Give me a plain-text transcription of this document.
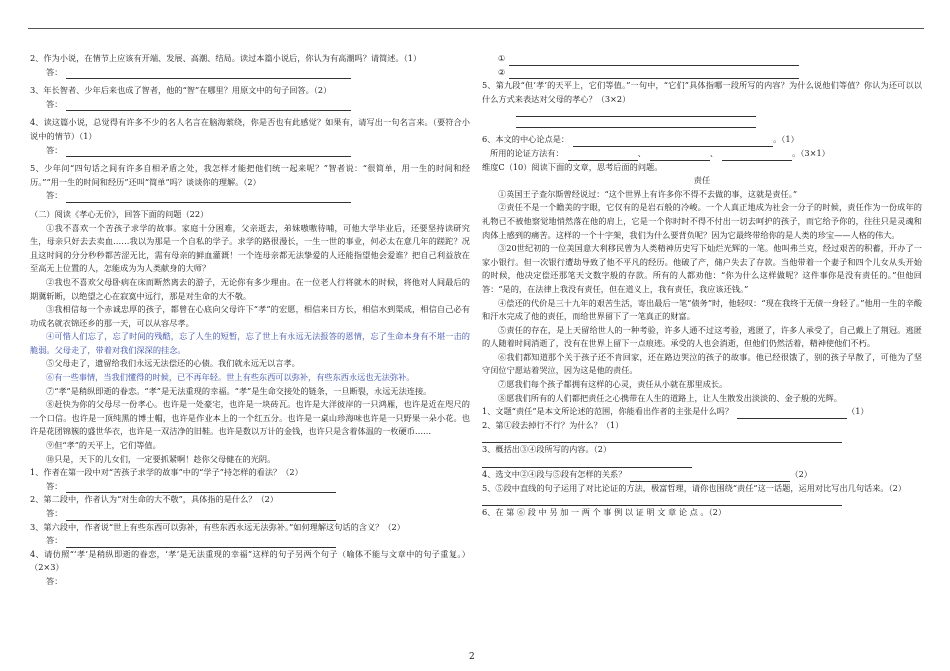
2、作为小说，在情节上应该有开端、发展、高潮、结局。读过本篇小说后，你认为有高潮吗？请简述。（1）

答：

3、年长智者、少年后来也成了智者，他的“智”在哪里？用原文中的句子回答。（2）

答：

4、读这篇小说，总觉得有许多不少的名人名言在脑海萦绕，你是否也有此感觉？如果有，请写出一句名言来。（要符合小说中的情节）（1）

答：

5、少年问“四句话之间有许多自相矛盾之处，我怎样才能把他们统一起来呢？”智者说：“很简单，用一生的时间和经历。”“用一生的时间和经历”还叫“简单”吗？谈谈你的理解。（2）

答：

（二）阅读《孝心无价》，回答下面的问题（22）

①我不喜欢一个苦孩子求学的故事。家庭十分困难，父亲逝去，弟妹嗷嗷待哺，可他大学毕业后，还要坚持读研究生，母亲只好去去卖血……我以为那是一个自私的学子。求学的路很漫长，一生一世的事业，何必太在意几年的蹉跎？况且这时间的分分秒秒都苦涩无比，需有母亲的鲜血灌溉！一个连母亲都无法挚爱的人还能指望他会爱谁？把自己利益放在至高无上位置的人，怎能成为为人类献身的大师？

②我也不喜欢父母卧病在床而断然离去的游子，无论你有多少理由。在一位老人行将就木的时候，将他对人间最后的期冀斩断，以绝望之心在寂寞中远行，那是对生命的大不敬。

③我相信每一个赤诚忠厚的孩子，都曾在心底向父母许下“孝”的宏愿，相信来日方长，相信水到渠成，相信自己必有功成名就衣锦还乡的那一天，可以从容尽孝。

④可惜人们忘了，忘了时间的残酷，忘了人生的短暂，忘了世上有永远无法报答的恩情，忘了生命本身有不堪一击的脆弱。父母走了，带着对我们深深的挂念。

⑤父母走了，遗留给我们永远无法偿还的心债。我们就永远无以言孝。

⑥有一些事情，当我们懂得的时候，已不再年轻。世上有些东西可以弥补，有些东西永远也无法弥补。

⑦“孝”是稍纵即逝的眷恋。“孝”是无法重现的幸福。“孝”是生命交接处的链条，一旦断裂，永远无法连接。

⑧赶快为你的父母尽一份孝心。也许是一处豪宅，也许是一块砖瓦。也许是大洋彼岸的一只鸿雁，也许是近在咫尺的一个口信。也许是一顶纯黑的博士帽，也许是作业本上的一个红五分。也许是一桌山珍海味也许是一只野果一朵小花。也许是花团锦簇的盛世华衣，也许是一双洁净的旧鞋。也许是数以万计的金钱，也许只是含着体温的一枚硬币……

⑨但“孝”的天平上，它们等值。

⑩只是，天下的儿女们，一定要抓紧啊！趁你父母健在的光阴。

1、作者在第一段中对“苦孩子求学的故事”中的“学子”持怎样的看法？（2）

答：

2、第二段中，作者认为“对生命的大不敬”，具体指的是什么？（2）

答：

3、第六段中，作者说“世上有些东西可以弥补，有些东西永远无法弥补。”如何理解这句话的含义？（2）

答：

4、请仿照“‘孝’是稍纵即逝的眷恋，‘孝’是无法重现的幸福”这样的句子另两个句子（喻体不能与文章中的句子重复。）（2×3）

答：
①
②

5、第九段“但‘孝’的天平上，它们等值。”一句中，“它们”具体指哪一段所写的内容？为什么说他们等值？你认为还可以以什么方式来表达对父母的孝心？（3×2）

6、本文的中心论点是：	。（1）
所用的论证方法有：	、	、	。（3×1）

维度C（10）阅读下面的文章，思考后面的问题。

责任

①英国王子查尔斯曾经说过：“这个世界上有许多你不得不去做的事，这就是责任。”

②责任不是一个瞻美的字眼，它仅有的是岩石般的冷峻。一个人真正地成为社会一分子的时候，责任作为一份成年的礼物已不被他察觉地悄然落在他的肩上，它是一个你时时不得不付出一切去呵护的孩子，而它给予你的，往往只是灵魂和肉体上感到的痛苦。这样的一个十字架，我们为什么要背负呢？因为它最终带给你的是人类的珍宝——人格的伟大。

③20世纪初的一位美国意大利移民曾为人类精神历史写下灿烂光辉的一笔。他叫弗兰克，经过艰苦的积蓄，开办了一家小银行。但一次银行遭劫导致了他不平凡的经历。他破了产，储户失去了存款。当他带着一个妻子和四个儿女从头开始的时候，他决定偿还那笔天文数字般的存款。所有的人都劝他：“你为什么这样做呢？这件事你是没有责任的。”但他回答：“是的，在法律上我没有责任，但在道义上，我有责任，我应该还钱。”

④偿还的代价是三十九年的艰苦生活，寄出最后一笔“债务”时，他轻叹：“现在我终于无债一身轻了。”他用一生的辛酸和汗水完成了他的责任，而给世界留下了一笔真正的财富。

⑤责任的存在，是上天留给世人的一种考验，许多人通不过这考验，逃匿了，许多人承受了，自己戴上了荆冠。逃匿的人随着时间消逝了，没有在世界上留下一点痕迹。承受的人也会消逝，但他们仍然活着，精神使他们不朽。

⑥我们都知道那个关于孩子还不肯回家，还在路边哭泣的孩子的故事。他已经很饿了，别的孩子早散了，可他为了坚守闰位宁愿站着哭泣，因为这是他的责任。

⑦愿我们每个孩子都拥有这样的心灵，责任从小就在那里成长。

⑧愿我们所有的人们都把责任之心携带在人生的道路上，让人生散发出淡淡的、金子般的光辉。

1、文题“责任”是本文所论述的范围，你能看出作者的主张是什么吗？	（1）

2、第①段去掉行不行？为什么？（1）

3、概括出③④段所写的内容。（2）

4、选文中②④段与⑤段有怎样的关系？	（2）

5、⑤段中直线的句子运用了对比论证的方法，极富哲理，请你也围绕“责任”这一话题，运用对比写出几句话来。（2）

6、在 第 ⑥ 段 中 另 加 一 两 个 事 例 以 证 明 文 章 论 点 。（2）

2
